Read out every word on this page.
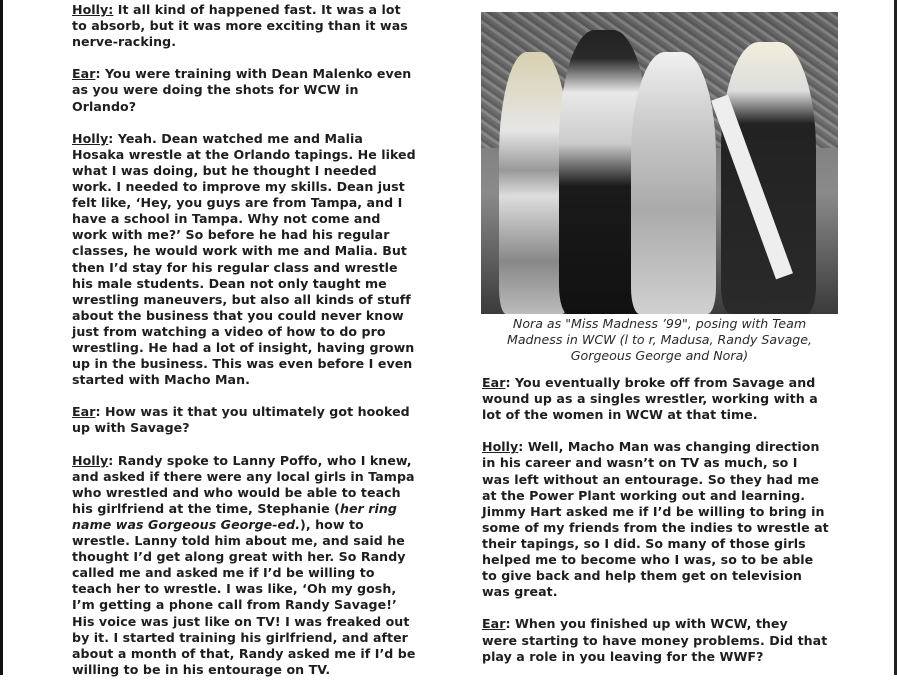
Holly: It all kind of happened fast. It was a lot
to absorb, but it was more exciting than it was
nerve-racking.
Ear: You were training with Dean Malenko even
as you were doing the shots for WCW in
Orlando?
Holly: Yeah. Dean watched me and Malia
Hosaka wrestle at the Orlando tapings. He liked
what I was doing, but he thought I needed
work. I needed to improve my skills. Dean just
felt like, ‘Hey, you guys are from Tampa, and I
have a school in Tampa. Why not come and
work with me?’ So before he had his regular
classes, he would work with me and Malia. But
then I’d stay for his regular class and wrestle
his male students. Dean not only taught me
wrestling maneuvers, but also all kinds of stuff
about the business that you could never know
just from watching a video of how to do pro
wrestling. He had a lot of insight, having grown
up in the business. This was even before I even
started with Macho Man.
Ear: How was it that you ultimately got hooked
up with Savage?
Holly: Randy spoke to Lanny Poffo, who I knew,
and asked if there were any local girls in Tampa
who wrestled and who would be able to teach
his girlfriend at the time, Stephanie (her ring
name was Gorgeous George-ed.), how to
wrestle. Lanny told him about me, and said he
thought I’d get along great with her. So Randy
called me and asked me if I’d be willing to
teach her to wrestle. I was like, ‘Oh my gosh,
I’m getting a phone call from Randy Savage!’
His voice was just like on TV! I was freaked out
by it. I started training his girlfriend, and after
about a month of that, Randy asked me if I’d be
willing to be in his entourage on TV.
Nora as "Miss Madness ’99", posing with Team
Madness in WCW (l to r, Madusa, Randy Savage,
Gorgeous George and Nora)
Ear: You eventually broke off from Savage and
wound up as a singles wrestler, working with a
lot of the women in WCW at that time.
Holly: Well, Macho Man was changing direction
in his career and wasn’t on TV as much, so I
was left without an entourage. So they had me
at the Power Plant working out and learning.
Jimmy Hart asked me if I’d be willing to bring in
some of my friends from the indies to wrestle at
their tapings, so I did. So many of those girls
helped me to become who I was, so to be able
to give back and help them get on television
was great.
Ear: When you finished up with WCW, they
were starting to have money problems. Did that
play a role in you leaving for the WWF?
